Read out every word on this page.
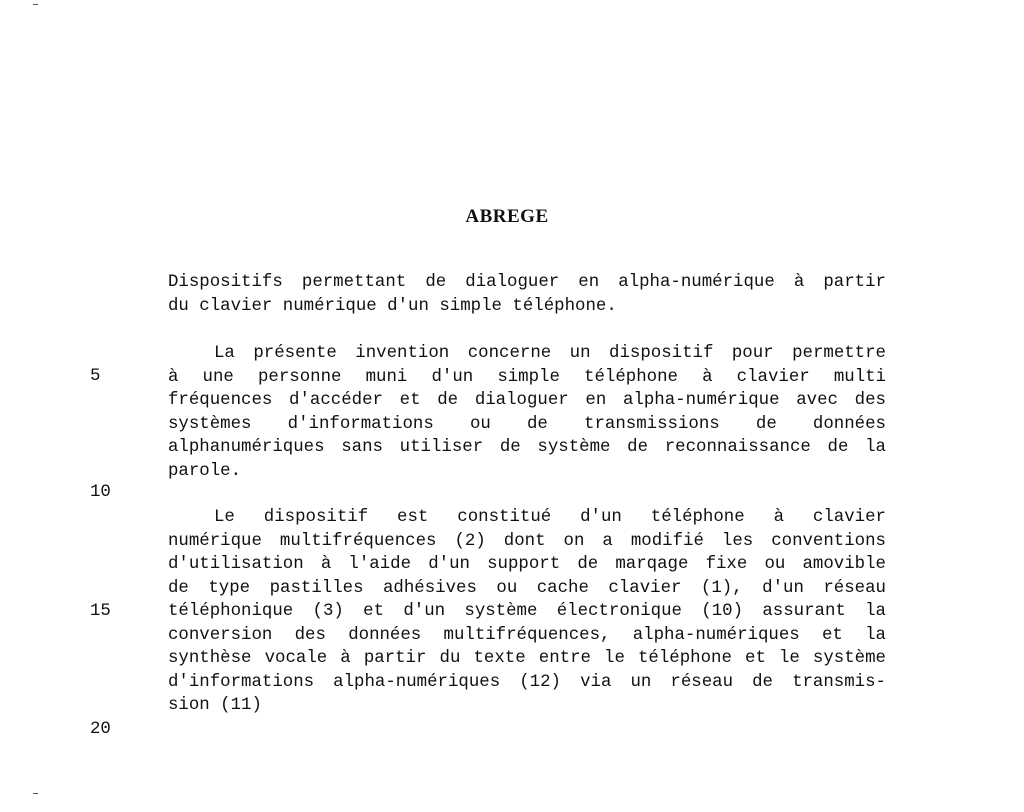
ABREGE
Dispositifs permettant de dialoguer en alpha-numérique à partir
du clavier numérique d'un simple téléphone.
La présente invention concerne un dispositif pour permettre
à une personne muni d'un simple téléphone à clavier multi
fréquences d'accéder et de dialoguer en alpha-numérique avec des
systèmes d'informations ou de transmissions de données
alphanumériques sans utiliser de système de reconnaissance de la
parole.
Le dispositif est constitué d'un téléphone à clavier
numérique multifréquences (2) dont on a modifié les conventions
d'utilisation à l'aide d'un support de marqage fixe ou amovible
de type pastilles adhésives ou cache clavier (1), d'un réseau
téléphonique (3) et d'un système électronique (10) assurant la
conversion des données multifréquences, alpha-numériques et la
synthèse vocale à partir du texte entre le téléphone et le système
d'informations alpha-numériques (12) via un réseau de transmis-
sion (11)
5
10
15
20
